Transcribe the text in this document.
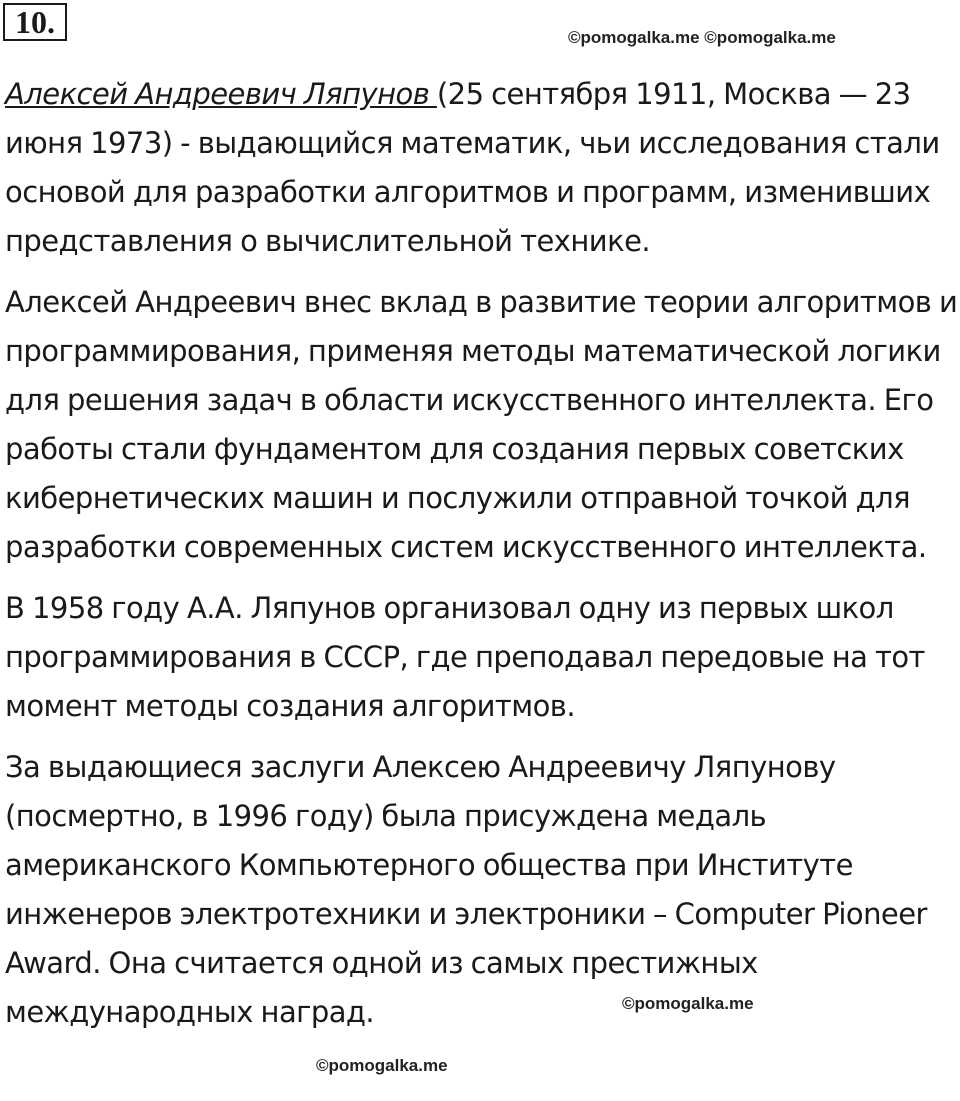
10.	©pomogalka.me ©pomogalka.me

Алексей Андреевич Ляпунов (25 сентября 1911, Москва — 23 июня 1973) - выдающийся математик, чьи исследования стали основой для разработки алгоритмов и программ, изменивших представления о вычислительной технике.

Алексей Андреевич внес вклад в развитие теории алгоритмов и программирования, применяя методы математической логики для решения задач в области искусственного интеллекта. Его работы стали фундаментом для создания первых советских кибернетических машин и послужили отправной точкой для разработки современных систем искусственного интеллекта.

В 1958 году А.А. Ляпунов организовал одну из первых школ программирования в СССР, где преподавал передовые на тот момент методы создания алгоритмов.

За выдающиеся заслуги Алексею Андреевичу Ляпунову (посмертно, в 1996 году) была присуждена медаль американского Компьютерного общества при Институте инженеров электротехники и электроники – Computer Pioneer Award. Она считается одной из самых престижных международных наград.	©pomogalka.me
©pomogalka.me
